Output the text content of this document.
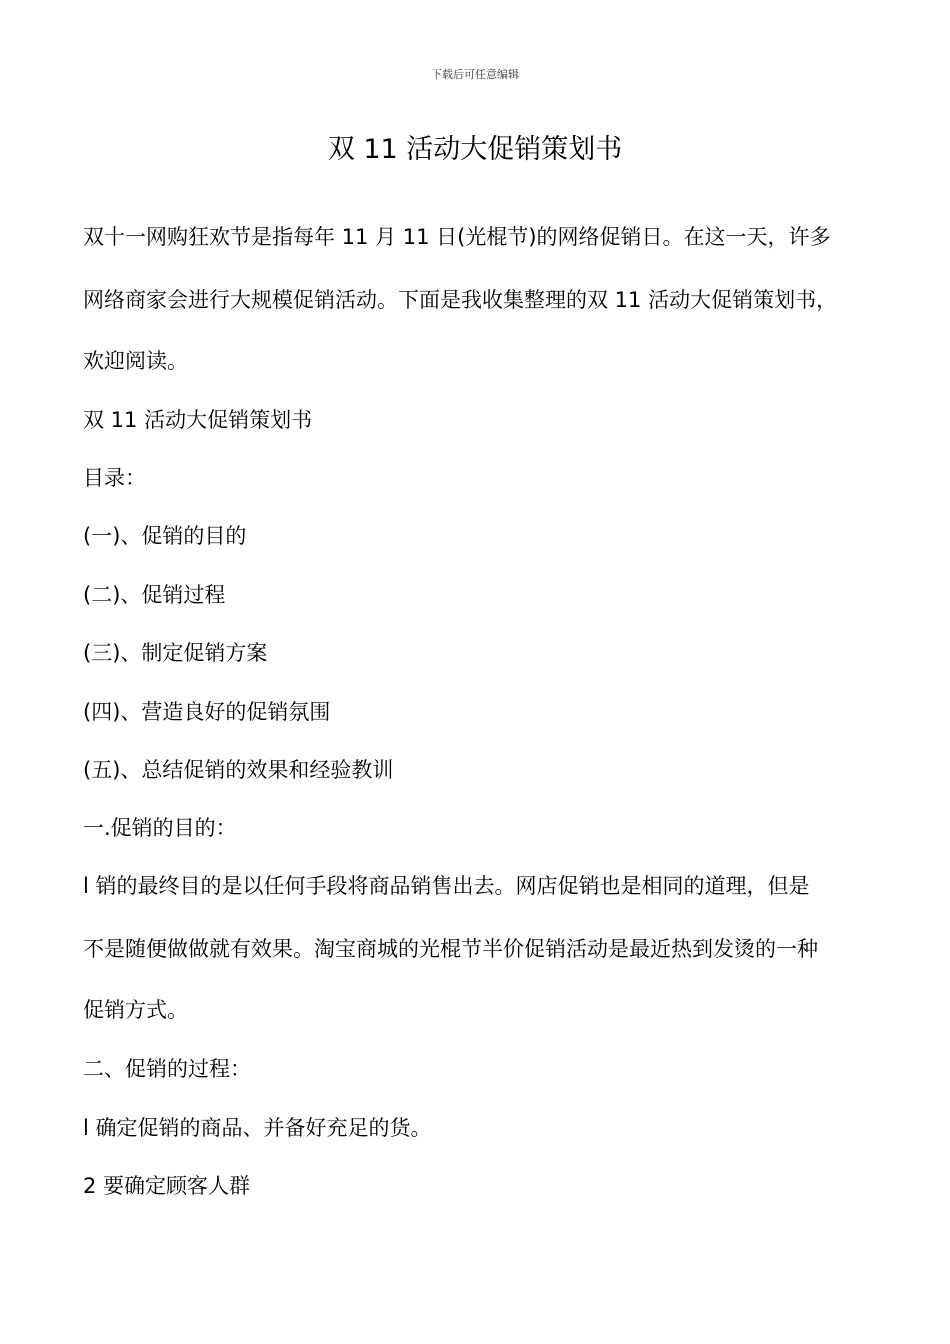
下载后可任意编辑
双 11 活动大促销策划书

双十一网购狂欢节是指每年 11 月 11 日(光棍节)的网络促销日。在这一天，许多

网络商家会进行大规模促销活动。下面是我收集整理的双 11 活动大促销策划书，

欢迎阅读。

双 11 活动大促销策划书

目录：

(一)、促销的目的

(二)、促销过程

(三)、制定促销方案

(四)、营造良好的促销氛围

(五)、总结促销的效果和经验教训

一.促销的目的：

l 销的最终目的是以任何手段将商品销售出去。网店促销也是相同的道理，但是

不是随便做做就有效果。淘宝商城的光棍节半价促销活动是最近热到发烫的一种

促销方式。

二、促销的过程：

l 确定促销的商品、并备好充足的货。

2 要确定顾客人群
